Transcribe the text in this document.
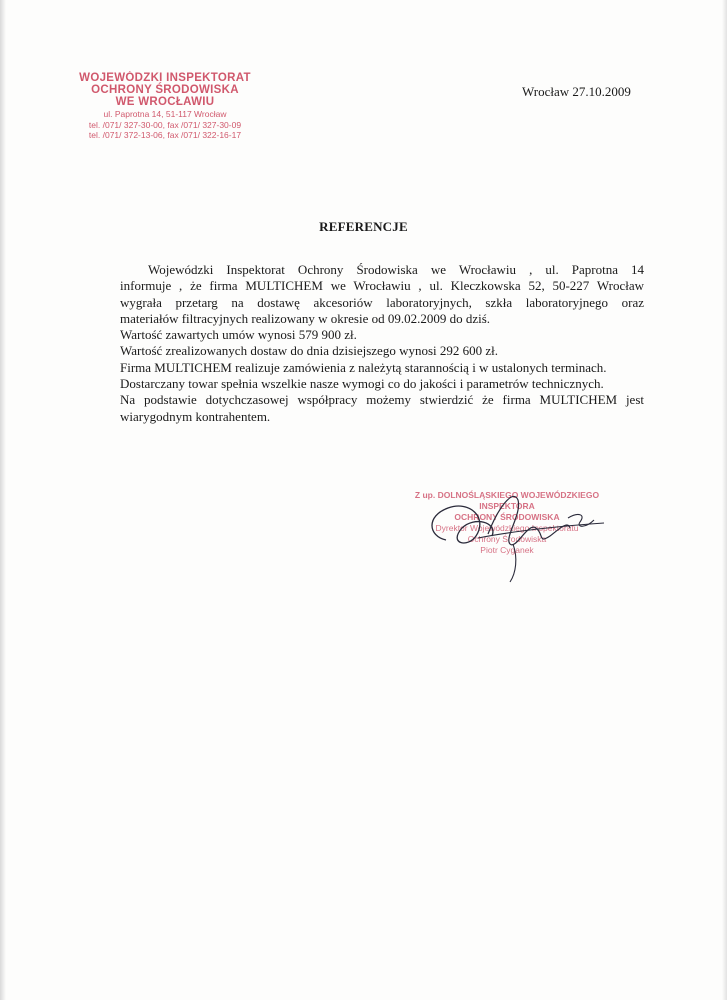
WOJEWÓDZKI INSPEKTORAT
OCHRONY ŚRODOWISKA
WE WROCŁAWIU
ul. Paprotna 14, 51-117 Wrocław
tel. /071/ 327-30-00, fax /071/ 327-30-09
tel. /071/ 372-13-06, fax /071/ 322-16-17
Wrocław 27.10.2009
REFERENCJE

Wojewódzki Inspektorat Ochrony Środowiska we Wrocławiu , ul. Paprotna 14

informuje , że firma MULTICHEM we Wrocławiu , ul. Kleczkowska 52, 50-227 Wrocław

wygrała przetarg na dostawę akcesoriów laboratoryjnych, szkła laboratoryjnego oraz

materiałów filtracyjnych realizowany w okresie od 09.02.2009 do dziś.

Wartość zawartych umów wynosi 579 900 zł.

Wartość zrealizowanych dostaw do dnia dzisiejszego wynosi 292 600 zł.

Firma MULTICHEM realizuje zamówienia z należytą starannością i w ustalonych terminach.

Dostarczany towar spełnia wszelkie nasze wymogi co do jakości i parametrów technicznych.

Na podstawie dotychczasowej współpracy możemy stwierdzić że firma MULTICHEM jest

wiarygodnym kontrahentem.

Z up. DOLNOŚLĄSKIEGO WOJEWÓDZKIEGO
INSPEKTORA
OCHRONY ŚRODOWISKA
Dyrektor Wojewódzkiego Inspektoratu
Ochrony Środowiska
Piotr Cyganek
